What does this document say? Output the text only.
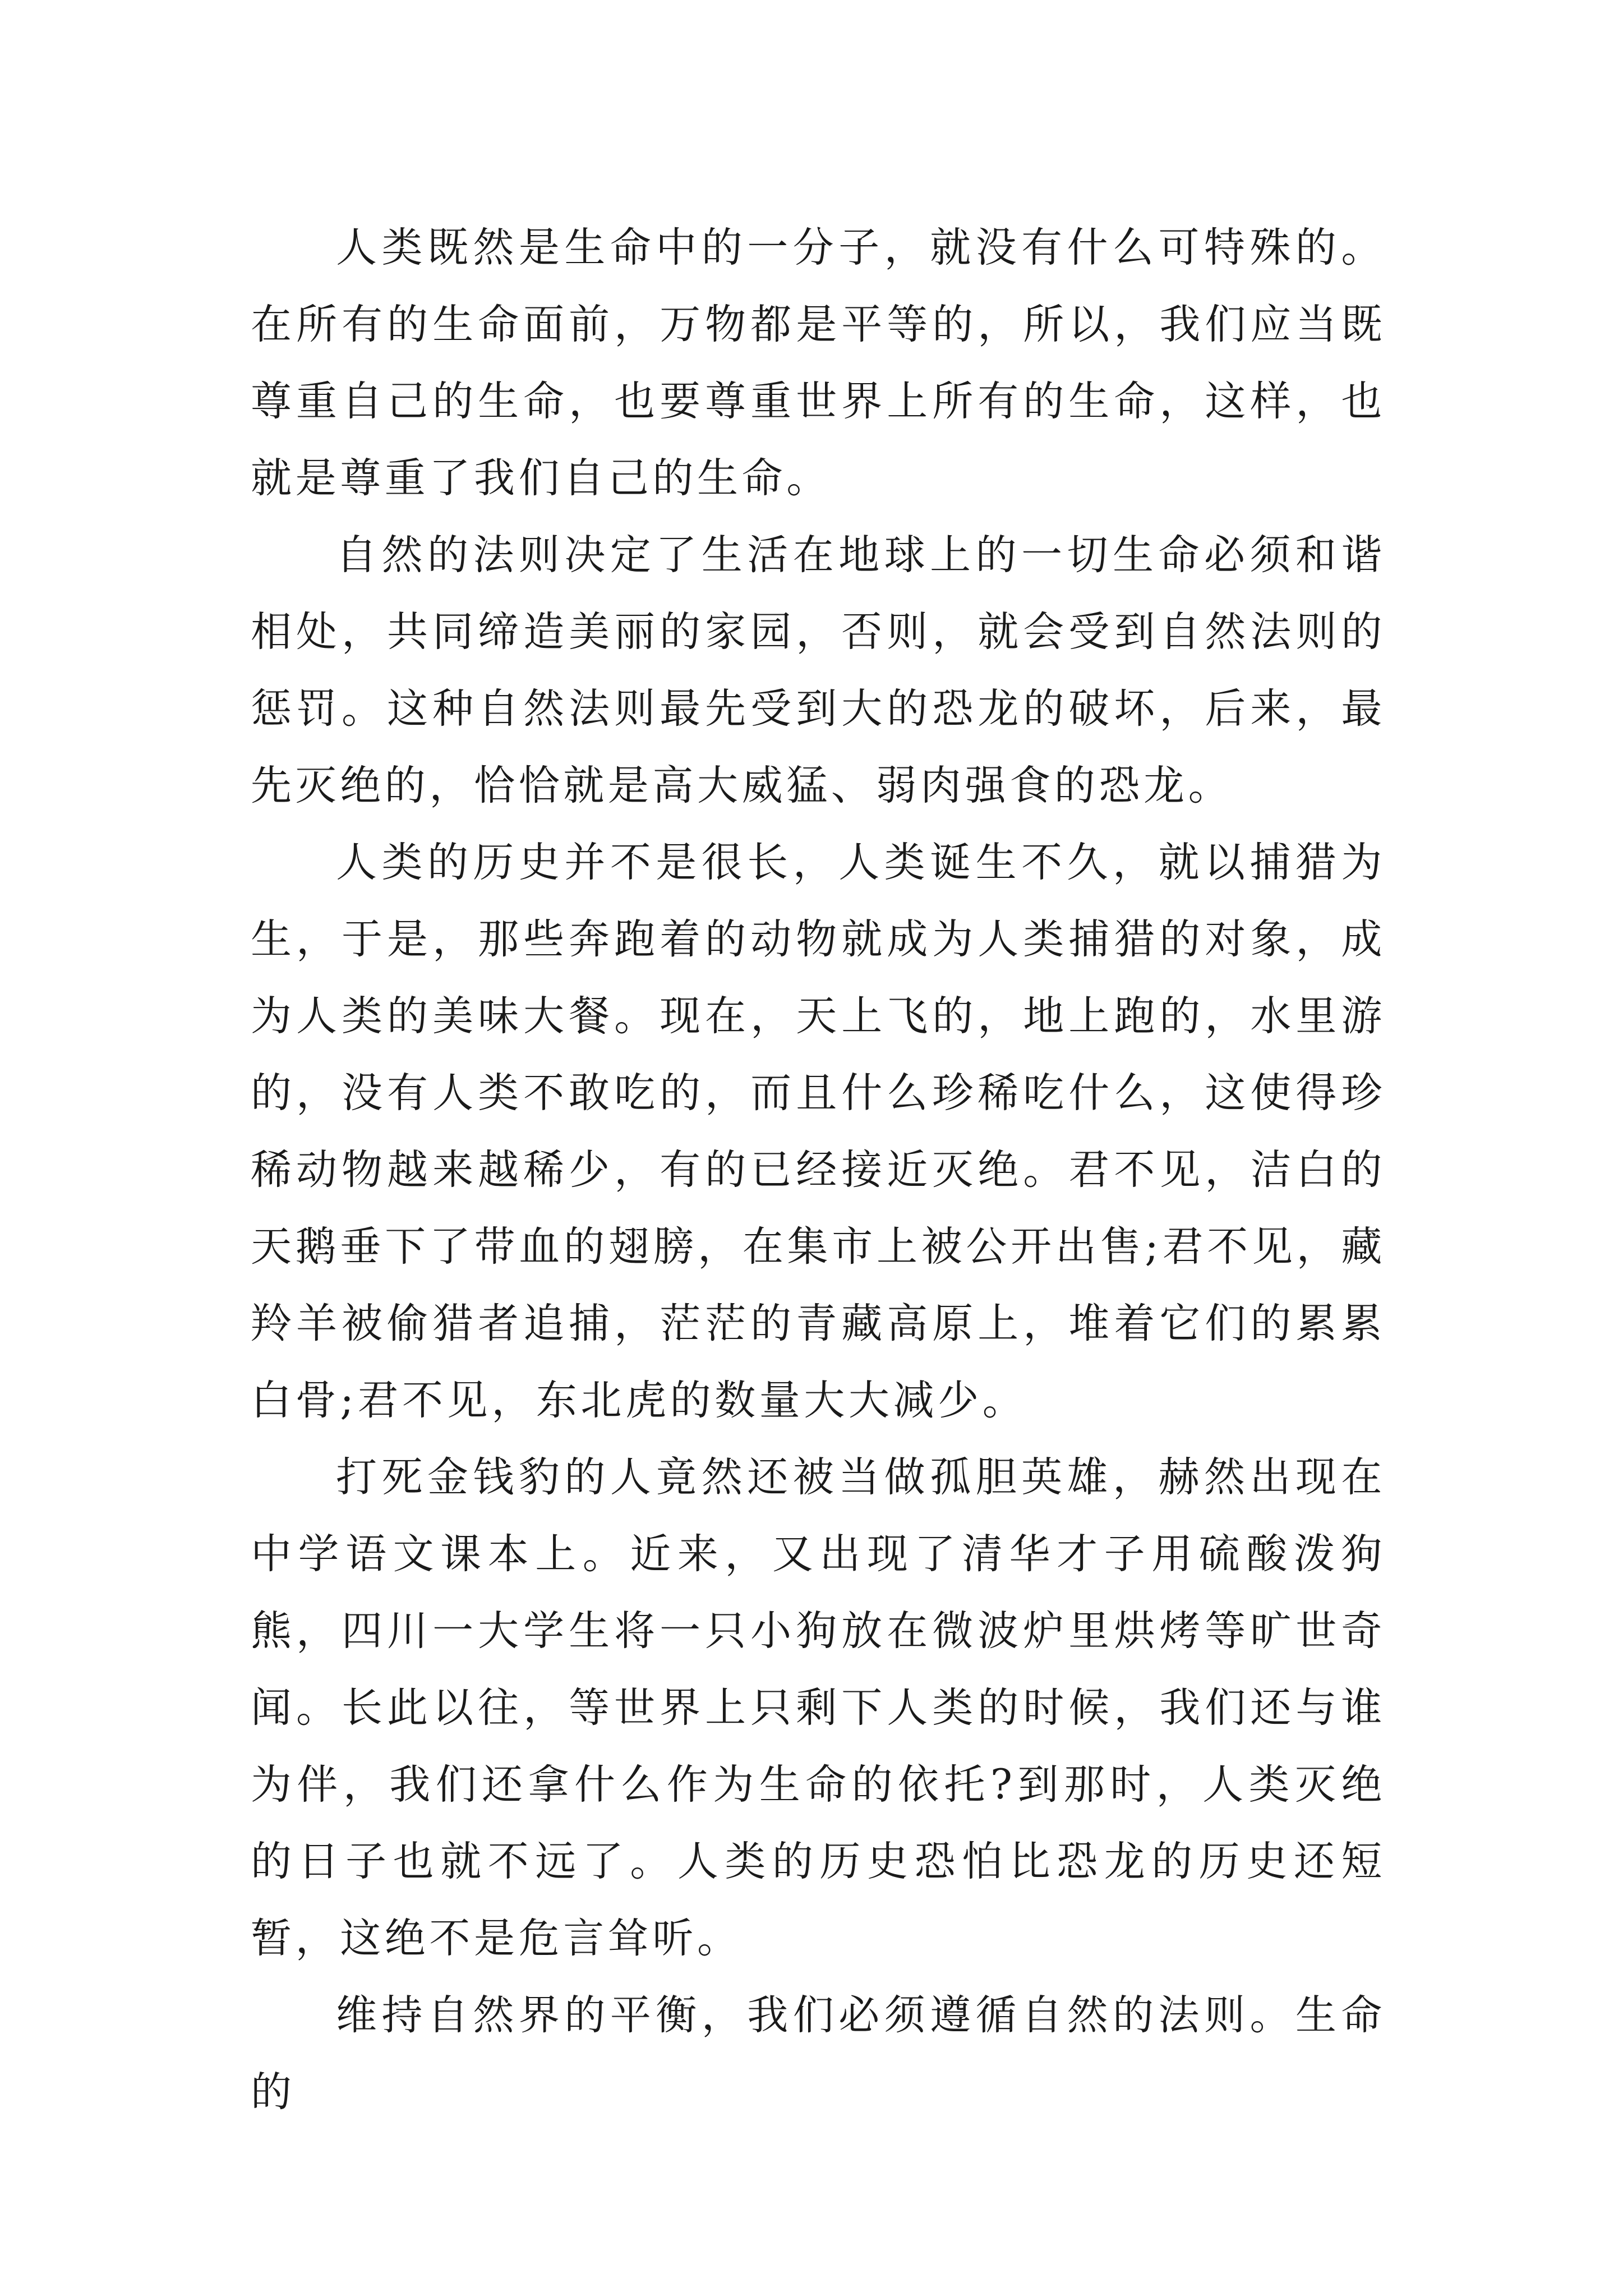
人类既然是生命中的一分子，就没有什么可特殊的。在所有的生命面前，万物都是平等的，所以，我们应当既尊重自己的生命，也要尊重世界上所有的生命，这样，也就是尊重了我们自己的生命。

自然的法则决定了生活在地球上的一切生命必须和谐相处，共同缔造美丽的家园，否则，就会受到自然法则的惩罚。这种自然法则最先受到大的恐龙的破坏，后来，最先灭绝的，恰恰就是高大威猛、弱肉强食的恐龙。

人类的历史并不是很长，人类诞生不久，就以捕猎为生，于是，那些奔跑着的动物就成为人类捕猎的对象，成为人类的美味大餐。现在，天上飞的，地上跑的，水里游的，没有人类不敢吃的，而且什么珍稀吃什么，这使得珍稀动物越来越稀少，有的已经接近灭绝。君不见，洁白的天鹅垂下了带血的翅膀，在集市上被公开出售;君不见，藏羚羊被偷猎者追捕，茫茫的青藏高原上，堆着它们的累累白骨;君不见，东北虎的数量大大减少。

打死金钱豹的人竟然还被当做孤胆英雄，赫然出现在中学语文课本上。近来，又出现了清华才子用硫酸泼狗熊，四川一大学生将一只小狗放在微波炉里烘烤等旷世奇闻。长此以往，等世界上只剩下人类的时候，我们还与谁为伴，我们还拿什么作为生命的依托?到那时，人类灭绝的日子也就不远了。人类的历史恐怕比恐龙的历史还短暂，这绝不是危言耸听。

维持自然界的平衡，我们必须遵循自然的法则。生命的
